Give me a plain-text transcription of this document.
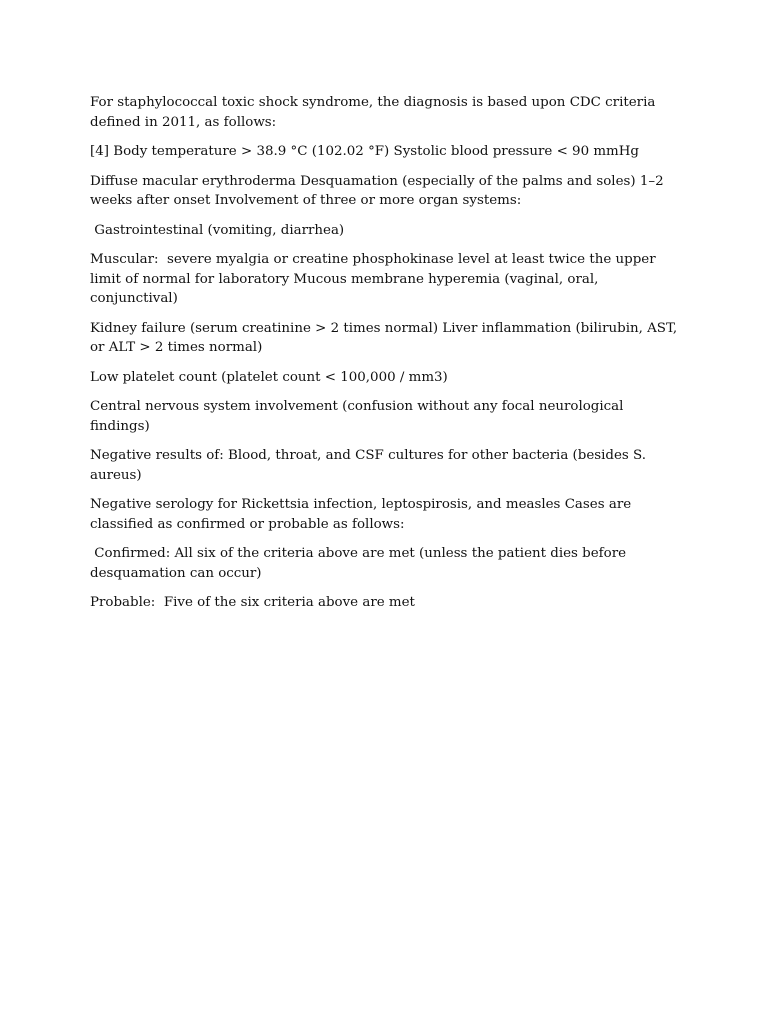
For staphylococcal toxic shock syndrome, the diagnosis is based upon CDC criteria defined in 2011, as follows:

[4] Body temperature > 38.9 °C (102.02 °F) Systolic blood pressure < 90 mmHg

Diffuse macular erythroderma Desquamation (especially of the palms and soles) 1–2 weeks after onset Involvement of three or more organ systems:

Gastrointestinal (vomiting, diarrhea)

Muscular:  severe myalgia or creatine phosphokinase level at least twice the upper limit of normal for laboratory Mucous membrane hyperemia (vaginal, oral, conjunctival)

Kidney failure (serum creatinine > 2 times normal) Liver inflammation (bilirubin, AST, or ALT > 2 times normal)

Low platelet count (platelet count < 100,000 / mm3)

Central nervous system involvement (confusion without any focal neurological findings)

Negative results of: Blood, throat, and CSF cultures for other bacteria (besides S. aureus)

Negative serology for Rickettsia infection, leptospirosis, and measles Cases are classified as confirmed or probable as follows:

Confirmed: All six of the criteria above are met (unless the patient dies before desquamation can occur)

Probable:  Five of the six criteria above are met
